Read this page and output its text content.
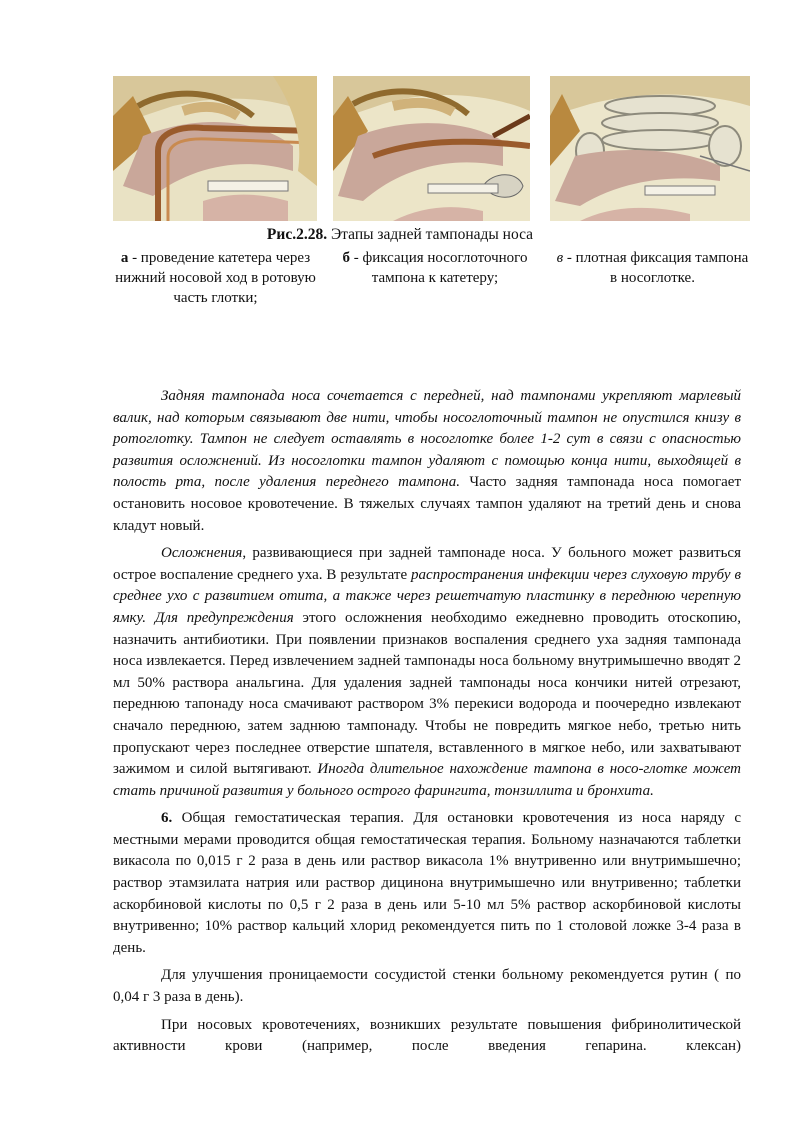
Рис.2.28. Этапы задней тампонады носа
а - проведение катетера через нижний носовой ход в ротовую часть глотки;
б - фиксация носоглоточного тампона к катетеру;
в - плотная фиксация тампона в носоглотке.

Задняя тампонада носа сочетается с передней, над тампонами укрепляют марлевый валик, над которым связывают две нити, чтобы носоглоточный тампон не опустился книзу в ротоглотку. Тампон не следует оставлять в носоглотке более 1-2 сут в связи с опасностью развития осложнений. Из носоглотки тампон удаляют с помощью конца нити, выходящей в полость рта, после удаления переднего тампона. Часто задняя тампонада носа помогает остановить носовое кровотечение. В тяжелых случаях тампон удаляют на третий день и снова кладут новый.

Осложнения, развивающиеся при задней тампонаде носа. У больного может развиться острое воспаление среднего уха. В результате распространения инфекции через слуховую трубу в среднее ухо с развитием отита, а также через решетчатую пластинку в переднюю черепную ямку. Для предупреждения этого осложнения необходимо ежедневно проводить отоскопию, назначить антибиотики. При появлении признаков воспаления среднего уха задняя тампонада носа извлекается. Перед извлечением задней тампонады носа больному внутримышечно вводят 2 мл 50% раствора анальгина. Для удаления задней тампонады носа кончики нитей отрезают, переднюю тапонаду носа смачивают раствором 3% перекиси водорода и поочередно извлекают сначало переднюю, затем заднюю тампонаду. Чтобы не повредить мягкое небо, третью нить пропускают через последнее отверстие шпателя, вставленного в мягкое небо, или захватывают зажимом и силой вытягивают. Иногда длительное нахождение тампона в носо-глотке может стать причиной развития у больного острого фарингита, тонзиллита и бронхита.

6. Общая гемостатическая терапия. Для остановки кровотечения из носа наряду с местными мерами проводится общая гемостатическая терапия. Больному назначаются таблетки викасола по 0,015 г 2 раза в день или раствор викасола 1% внутривенно или внутримышечно; раствор этамзилата натрия или раствор дицинона внутримышечно или внутривенно; таблетки аскорбиновой кислоты по 0,5 г 2 раза в день или 5-10 мл 5% раствор аскорбиновой кислоты внутривенно; 10% раствор кальций хлорид рекомендуется пить по 1 столовой ложке 3-4 раза в день.

Для улучшения проницаемости сосудистой стенки больному рекомендуется рутин ( по 0,04 г 3 раза в день).

При носовых кровотечениях, возникших результате повышения фибринолитической активности крови (например, после введения гепарина. клексан)
